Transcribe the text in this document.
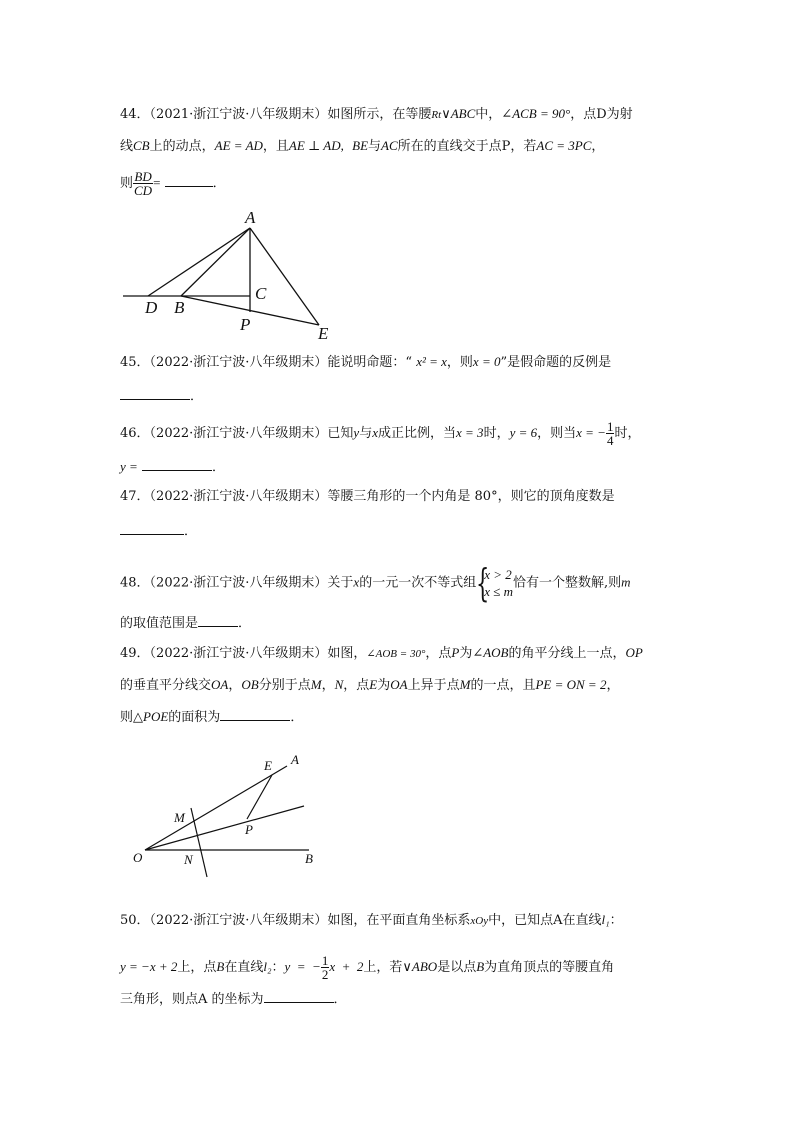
44．（2021·浙江宁波·八年级期末）如图所示，在等腰Rt∨ABC中，∠ACB = 90°，点D为射
线CB上的动点，AE = AD，且AE ⊥ AD, BE与AC所在的直线交于点P，若AC = 3PC，
则 $\frac{BD}{CD}$ =	．
A
D B
C
P	E
45．（2022·浙江宁波·八年级期末）能说明命题：“ x² = x，则x = 0”是假命题的反例是
．
46．（2022·浙江宁波·八年级期末）已知y与x成正比例，当x = 3时，y = 6，则当x = − $\frac{1}{4}$ 时，
y =	．
47．（2022·浙江宁波·八年级期末）等腰三角形的一个内角是 80°，则它的顶角度数是
．
48．（2022·浙江宁波·八年级期末）关于x的一元一次不等式组 {
x > 2
x ≤ m
恰有一个整数解,则m
的取值范围是	．
49．（2022·浙江宁波·八年级期末）如图，∠AOB = 30°，点P为∠AOB的角平分线上一点，OP
的垂直平分线交OA，OB分别于点M，N，点E为OA上异于点M的一点，且PE = ON = 2，
则△POE的面积为	．
E A
M
P
O	N	B
50．（2022·浙江宁波·八年级期末）如图，在平面直角坐标系xOy中，已知点A在直线l₁：
y = −x + 2上，点B在直线l₂：y  =  − $\frac{1}{2}$ x  +  2上，若∨ABO是以点B为直角顶点的等腰直角
三角形，则点A 的坐标为	．
